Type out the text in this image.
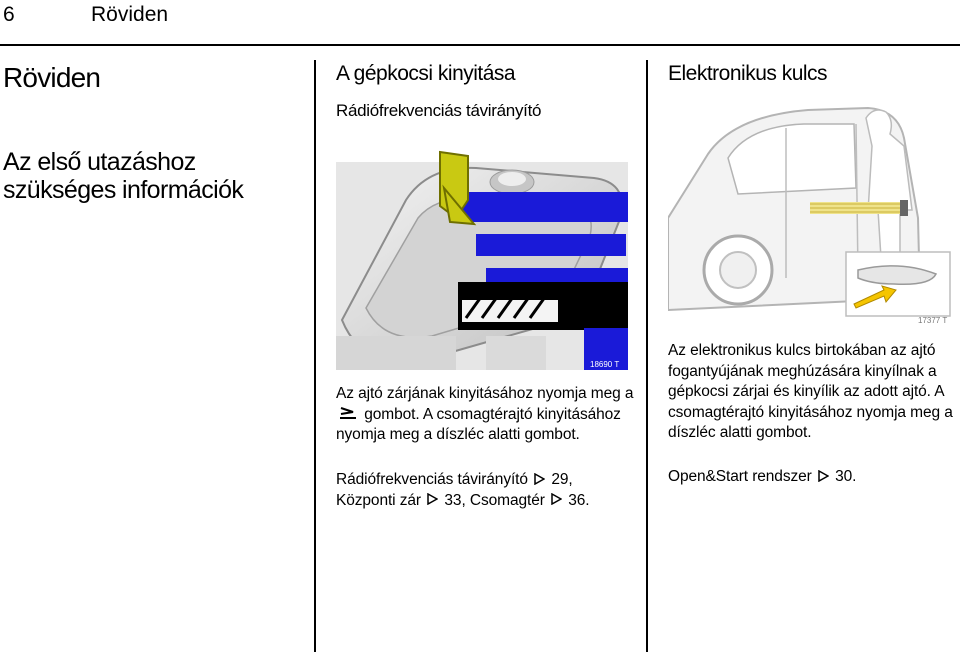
6	Röviden
Röviden
Az első utazáshoz szükséges információk
A gépkocsi kinyitása
Rádiófrekvenciás távirányító
18690 T
Az ajtó zárjának kinyitásához nyomja meg a  gombot. A csomagtérajtó kinyitásához nyomja meg a díszléc alatti gombot.
Rádiófrekvenciás távirányító 29, Központi zár 33, Csomagtér 36.
Elektronikus kulcs
17377 T
Az elektronikus kulcs birtokában az ajtó fogantyújának meghúzására kinyílnak a gépkocsi zárjai és kinyílik az adott ajtó. A csomagtérajtó kinyitásához nyomja meg a díszléc alatti gombot.
Open&Start rendszer 30.
